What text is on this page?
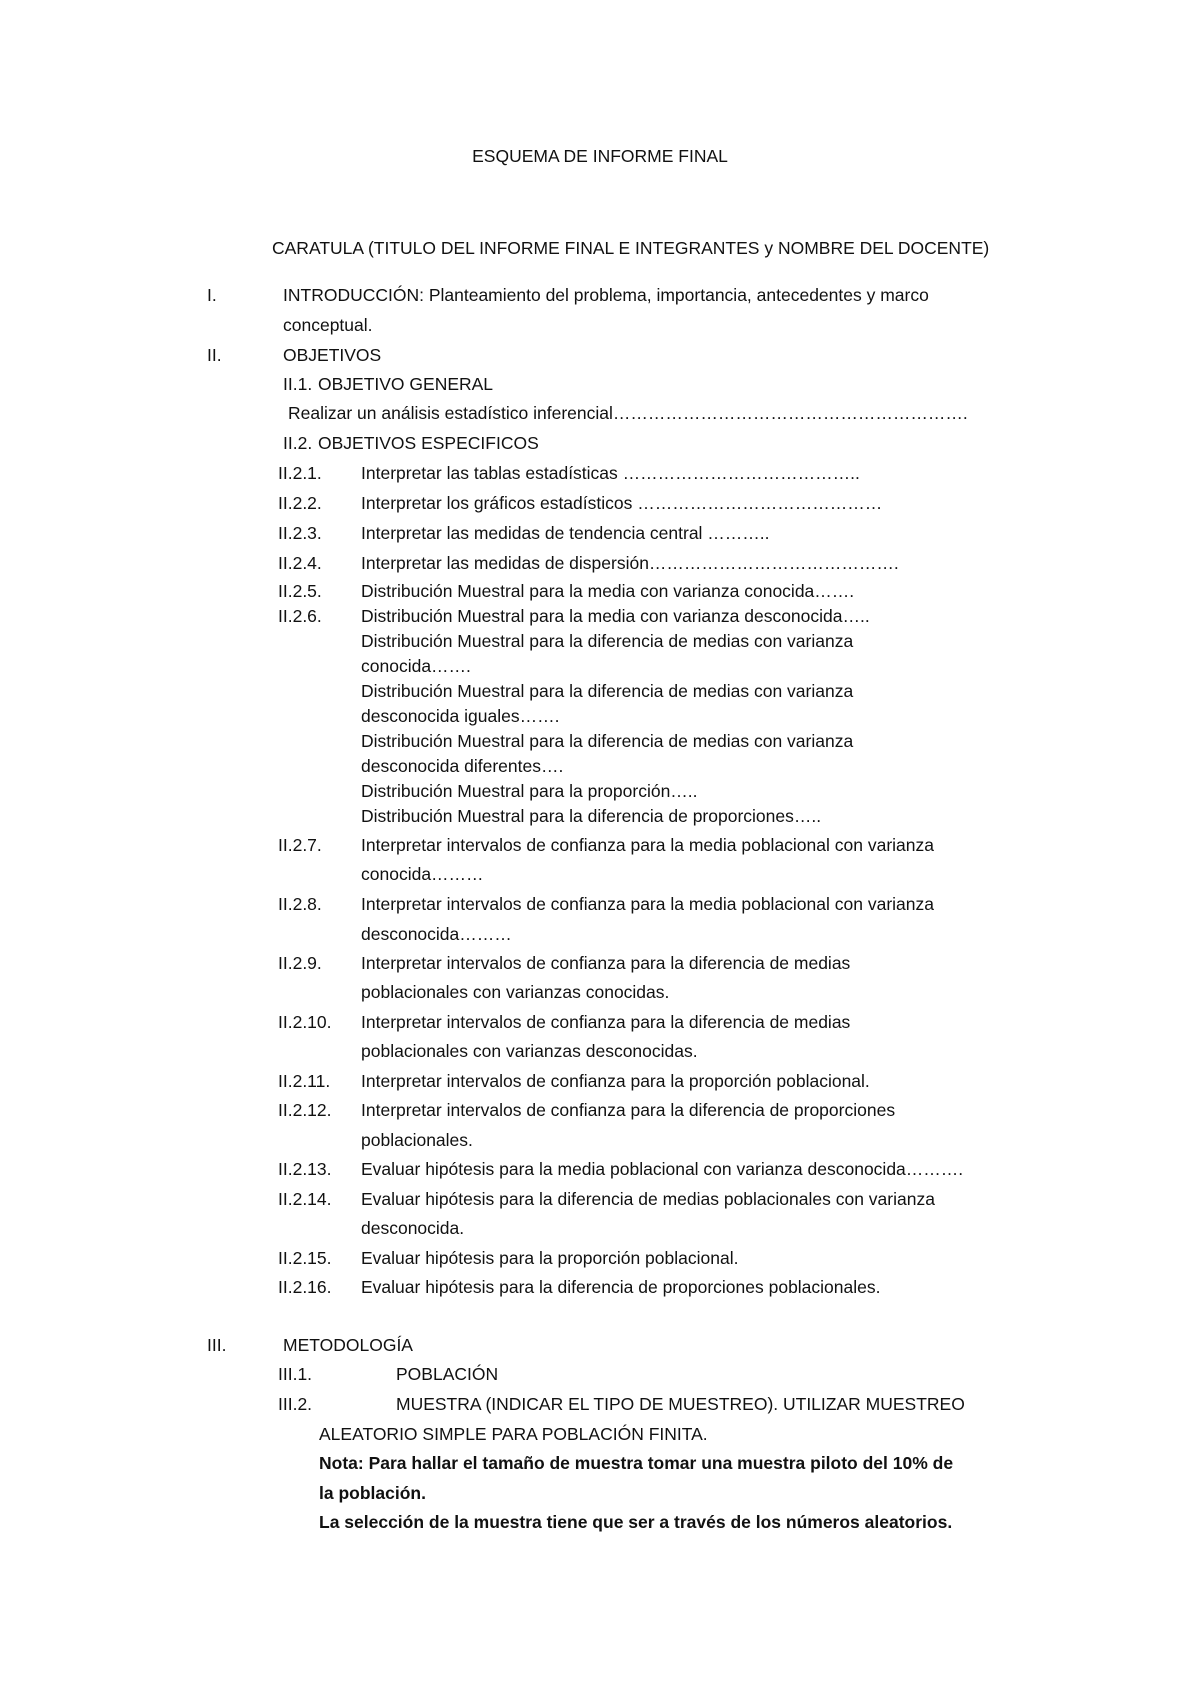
ESQUEMA DE INFORME FINAL
CARATULA (TITULO DEL INFORME FINAL E INTEGRANTES y NOMBRE DEL DOCENTE)
I.	INTRODUCCIÓN: Planteamiento del problema, importancia, antecedentes y marco
conceptual.
II.	OBJETIVOS
II.1. OBJETIVO GENERAL
Realizar un análisis estadístico inferencial…………………………………………………….
II.2. OBJETIVOS ESPECIFICOS
II.2.1. Interpretar las tablas estadísticas …………………………………..
II.2.2. Interpretar los gráficos estadísticos ……………………………………
II.2.3. Interpretar las medidas de tendencia central ………..
II.2.4. Interpretar las medidas de dispersión…………………………………….
II.2.5. Distribución Muestral para la media con varianza conocida…….
II.2.6. Distribución Muestral para la media con varianza desconocida…..
Distribución Muestral para la diferencia de medias con varianza
conocida…….
Distribución Muestral para la diferencia de medias con varianza
desconocida iguales…….
Distribución Muestral para la diferencia de medias con varianza
desconocida diferentes….
Distribución Muestral para la proporción…..
Distribución Muestral para la diferencia de proporciones…..
II.2.7. Interpretar intervalos de confianza para la media poblacional con varianza
conocida………
II.2.8. Interpretar intervalos de confianza para la media poblacional con varianza
desconocida………
II.2.9. Interpretar intervalos de confianza para la diferencia de medias
poblacionales con varianzas conocidas.
II.2.10. Interpretar intervalos de confianza para la diferencia de medias
poblacionales con varianzas desconocidas.
II.2.11. Interpretar intervalos de confianza para la proporción poblacional.
II.2.12. Interpretar intervalos de confianza para la diferencia de proporciones
poblacionales.
II.2.13. Evaluar hipótesis para la media poblacional con varianza desconocida……….
II.2.14. Evaluar hipótesis para la diferencia de medias poblacionales con varianza
desconocida.
II.2.15. Evaluar hipótesis para la proporción poblacional.
II.2.16. Evaluar hipótesis para la diferencia de proporciones poblacionales.
III.	METODOLOGÍA
III.1.	POBLACIÓN
III.2.	MUESTRA (INDICAR EL TIPO DE MUESTREO). UTILIZAR MUESTREO
ALEATORIO SIMPLE PARA POBLACIÓN FINITA.
Nota: Para hallar el tamaño de muestra tomar una muestra piloto del 10% de
la población.
La selección de la muestra tiene que ser a través de los números aleatorios.
